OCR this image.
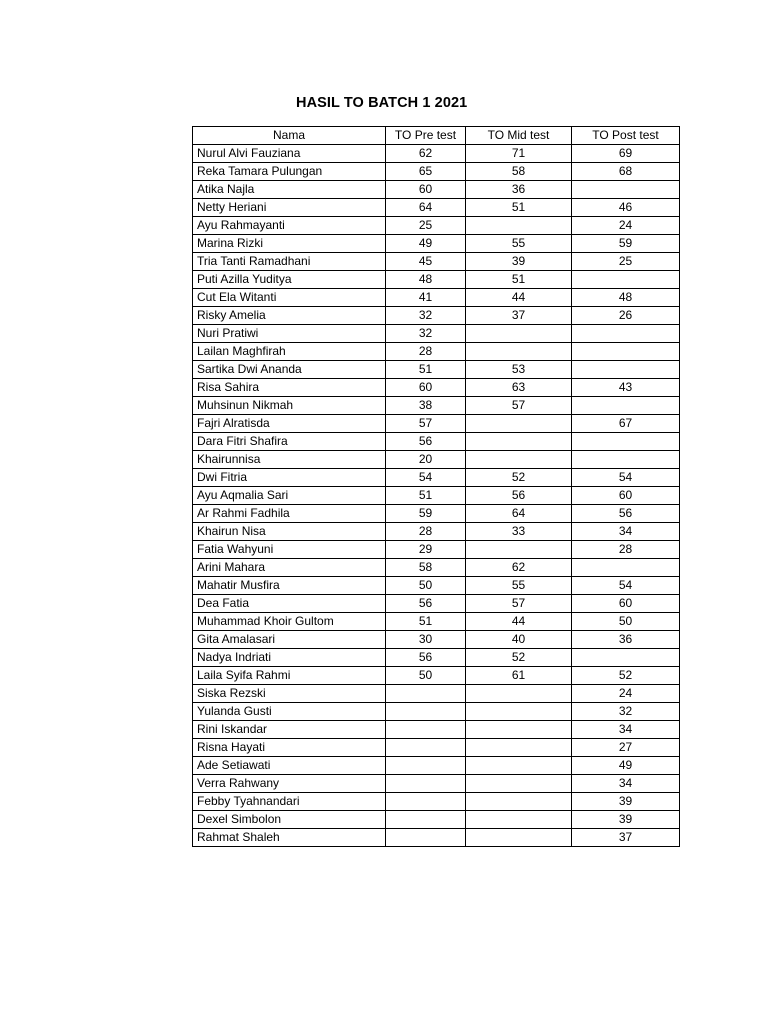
HASIL TO BATCH 1 2021
Nama	TO Pre test	TO Mid test	TO Post test
Nurul Alvi Fauziana	62	71	69
Reka Tamara Pulungan	65	58	68
Atika Najla	60	36	
Netty Heriani	64	51	46
Ayu Rahmayanti	25		24
Marina Rizki	49	55	59
Tria Tanti Ramadhani	45	39	25
Puti Azilla Yuditya	48	51	
Cut Ela Witanti	41	44	48
Risky Amelia	32	37	26
Nuri Pratiwi	32		
Lailan Maghfirah	28		
Sartika Dwi Ananda	51	53	
Risa Sahira	60	63	43
Muhsinun Nikmah	38	57	
Fajri Alratisda	57		67
Dara Fitri Shafira	56		
Khairunnisa	20		
Dwi Fitria	54	52	54
Ayu Aqmalia Sari	51	56	60
Ar Rahmi Fadhila	59	64	56
Khairun Nisa	28	33	34
Fatia Wahyuni	29		28
Arini Mahara	58	62	
Mahatir Musfira	50	55	54
Dea Fatia	56	57	60
Muhammad Khoir Gultom	51	44	50
Gita Amalasari	30	40	36
Nadya Indriati	56	52	
Laila Syifa Rahmi	50	61	52
Siska Rezski			24
Yulanda Gusti			32
Rini Iskandar			34
Risna Hayati			27
Ade Setiawati			49
Verra Rahwany			34
Febby Tyahnandari			39
Dexel Simbolon			39
Rahmat Shaleh			37
